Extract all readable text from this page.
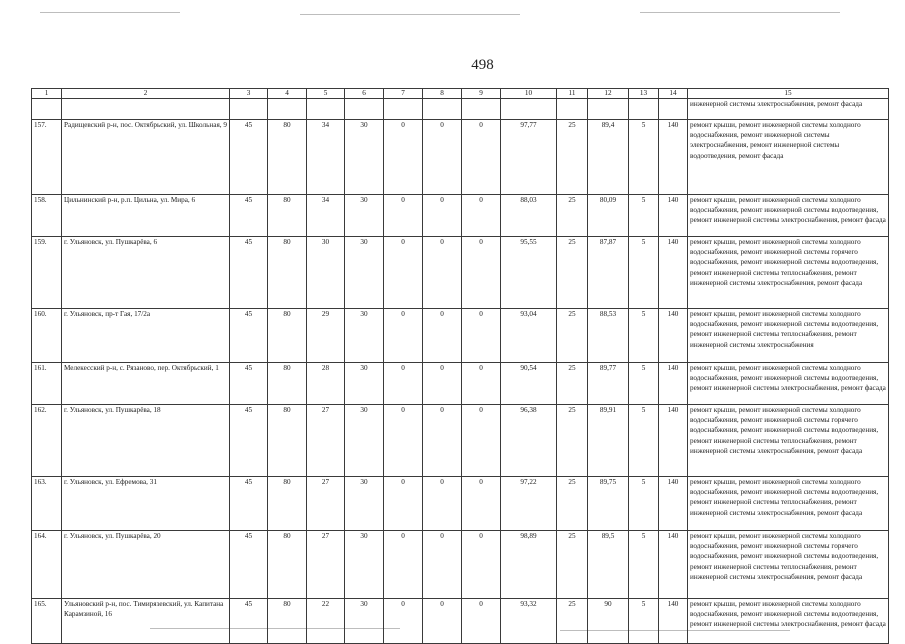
498
1	2	3	4	5	6	7	8	9	10	11	12	13	14	15
														инженерной системы электроснабжения, ремонт фасада
157.	Радищевский р-н, пос. Октябрьский, ул. Школьная, 9	45	80	34	30	0	0	0	97,77	25	89,4	5	140	ремонт крыши, ремонт инженерной системы холодного водоснабжения, ремонт инженерной системы электроснабжения, ремонт инженерной системы водоотведения, ремонт фасада
158.	Цильнинский р-н, р.п. Цильна, ул. Мира, 6	45	80	34	30	0	0	0	88,03	25	80,09	5	140	ремонт крыши, ремонт инженерной системы холодного водоснабжения, ремонт инженерной системы водоотведения, ремонт инженерной системы электроснабжения, ремонт фасада
159.	г. Ульяновск, ул. Пушкарёва, 6	45	80	30	30	0	0	0	95,55	25	87,87	5	140	ремонт крыши, ремонт инженерной системы холодного водоснабжения, ремонт инженерной системы горячего водоснабжения, ремонт инженерной системы водоотведения, ремонт инженерной системы теплоснабжения, ремонт инженерной системы электроснабжения, ремонт фасада
160.	г. Ульяновск, пр-т Гая, 17/2а	45	80	29	30	0	0	0	93,04	25	88,53	5	140	ремонт крыши, ремонт инженерной системы холодного водоснабжения, ремонт инженерной системы водоотведения, ремонт инженерной системы теплоснабжения, ремонт инженерной системы электроснабжения
161.	Мелекесский р-н, с. Рязаново, пер. Октябрьский, 1	45	80	28	30	0	0	0	90,54	25	89,77	5	140	ремонт крыши, ремонт инженерной системы холодного водоснабжения, ремонт инженерной системы водоотведения, ремонт инженерной системы электроснабжения, ремонт фасада
162.	г. Ульяновск, ул. Пушкарёва, 18	45	80	27	30	0	0	0	96,38	25	89,91	5	140	ремонт крыши, ремонт инженерной системы холодного водоснабжения, ремонт инженерной системы горячего водоснабжения, ремонт инженерной системы водоотведения, ремонт инженерной системы теплоснабжения, ремонт инженерной системы электроснабжения, ремонт фасада
163.	г. Ульяновск, ул. Ефремова, 31	45	80	27	30	0	0	0	97,22	25	89,75	5	140	ремонт крыши, ремонт инженерной системы холодного водоснабжения, ремонт инженерной системы водоотведения, ремонт инженерной системы теплоснабжения, ремонт инженерной системы электроснабжения, ремонт фасада
164.	г. Ульяновск, ул. Пушкарёва, 20	45	80	27	30	0	0	0	98,89	25	89,5	5	140	ремонт крыши, ремонт инженерной системы холодного водоснабжения, ремонт инженерной системы горячего водоснабжения, ремонт инженерной системы водоотведения, ремонт инженерной системы теплоснабжения, ремонт инженерной системы электроснабжения, ремонт фасада
165.	Ульяновский р-н, пос. Тимирязевский, ул. Капитана Карамзиной, 16	45	80	22	30	0	0	0	93,32	25	90	5	140	ремонт крыши, ремонт инженерной системы холодного водоснабжения, ремонт инженерной системы водоотведения, ремонт инженерной системы электроснабжения, ремонт фасада
